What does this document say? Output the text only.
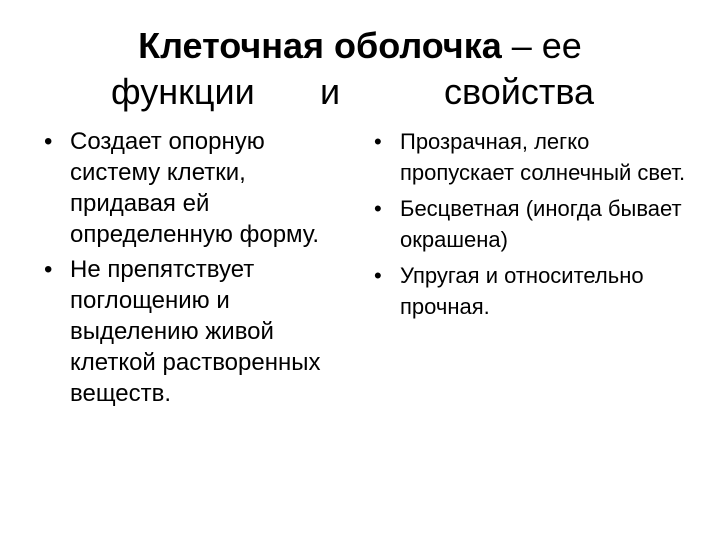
Клеточная оболочка – ее
функции и	свойства
• Создает опорную систему клетки, придавая ей определенную форму.
• Не препятствует поглощению и выделению живой клеткой растворенных веществ.
• Прозрачная, легко пропускает солнечный свет.
• Бесцветная (иногда бывает окрашена)
• Упругая и относительно прочная.
